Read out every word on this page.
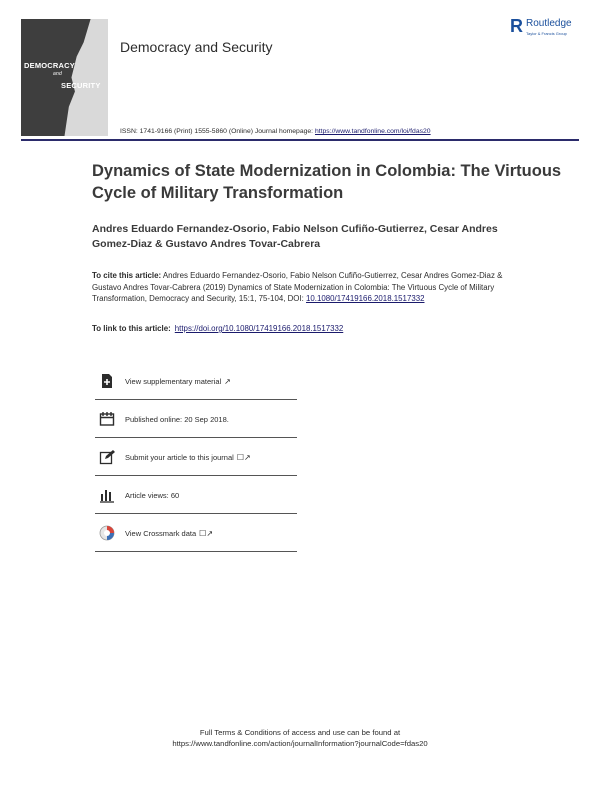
DEMOCRACY
and
SECURITY
Democracy and Security
R Routledge
Taylor & Francis Group
ISSN: 1741-9166 (Print) 1555-5860 (Online) Journal homepage: https://www.tandfonline.com/loi/fdas20
Dynamics of State Modernization in Colombia: The Virtuous Cycle of Military Transformation
Andres Eduardo Fernandez-Osorio, Fabio Nelson Cufiño-Gutierrez, Cesar Andres Gomez-Diaz & Gustavo Andres Tovar-Cabrera
To cite this article: Andres Eduardo Fernandez-Osorio, Fabio Nelson Cufiño-Gutierrez, Cesar Andres Gomez-Diaz & Gustavo Andres Tovar-Cabrera (2019) Dynamics of State Modernization in Colombia: The Virtuous Cycle of Military Transformation, Democracy and Security, 15:1, 75-104, DOI: 10.1080/17419166.2018.1517332
To link to this article: https://doi.org/10.1080/17419166.2018.1517332
View supplementary material ↗
Published online: 20 Sep 2018.
Submit your article to this journal ☐↗
Article views: 60
View Crossmark data ☐↗
Full Terms & Conditions of access and use can be found at
https://www.tandfonline.com/action/journalInformation?journalCode=fdas20
